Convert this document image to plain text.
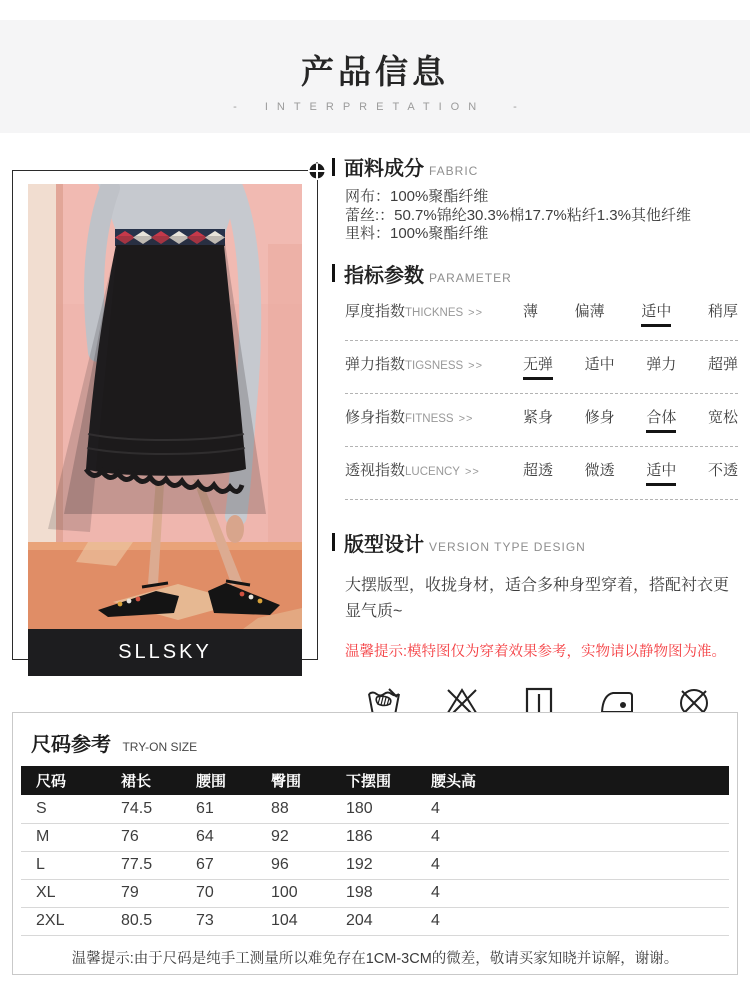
产品信息
-	INTERPRETATION	-
SLLSKY
面料成分 FABRIC

网布：100%聚酯纤维

蕾丝:：50.7%锦纶30.3%棉17.7%粘纤1.3%其他纤维

里料：100%聚酯纤维

指标参数 PARAMETER
厚度指数THICKNES >>	薄 偏薄 适中 稍厚
弹力指数TIGSNESS >>	无弹 适中 弹力 超弹
修身指数FITNESS >>	紧身 修身 合体 宽松
透视指数LUCENCY >>	超透 微透 适中 不透
版型设计 VERSION TYPE DESIGN

大摆版型，收拢身材，适合多种身型穿着，搭配衬衣更显气质~

温馨提示:模特图仅为穿着效果参考，实物请以静物图为准。

尺码参考 TRY-ON SIZE
尺码	裙长	腰围	臀围	下摆围	腰头高
S	74.5	61	88	180	4
M	76	64	92	186	4
L	77.5	67	96	192	4
XL	79	70	100	198	4
2XL	80.5	73	104	204	4

温馨提示:由于尺码是纯手工测量所以难免存在1CM-3CM的微差，敬请买家知晓并谅解，谢谢。
